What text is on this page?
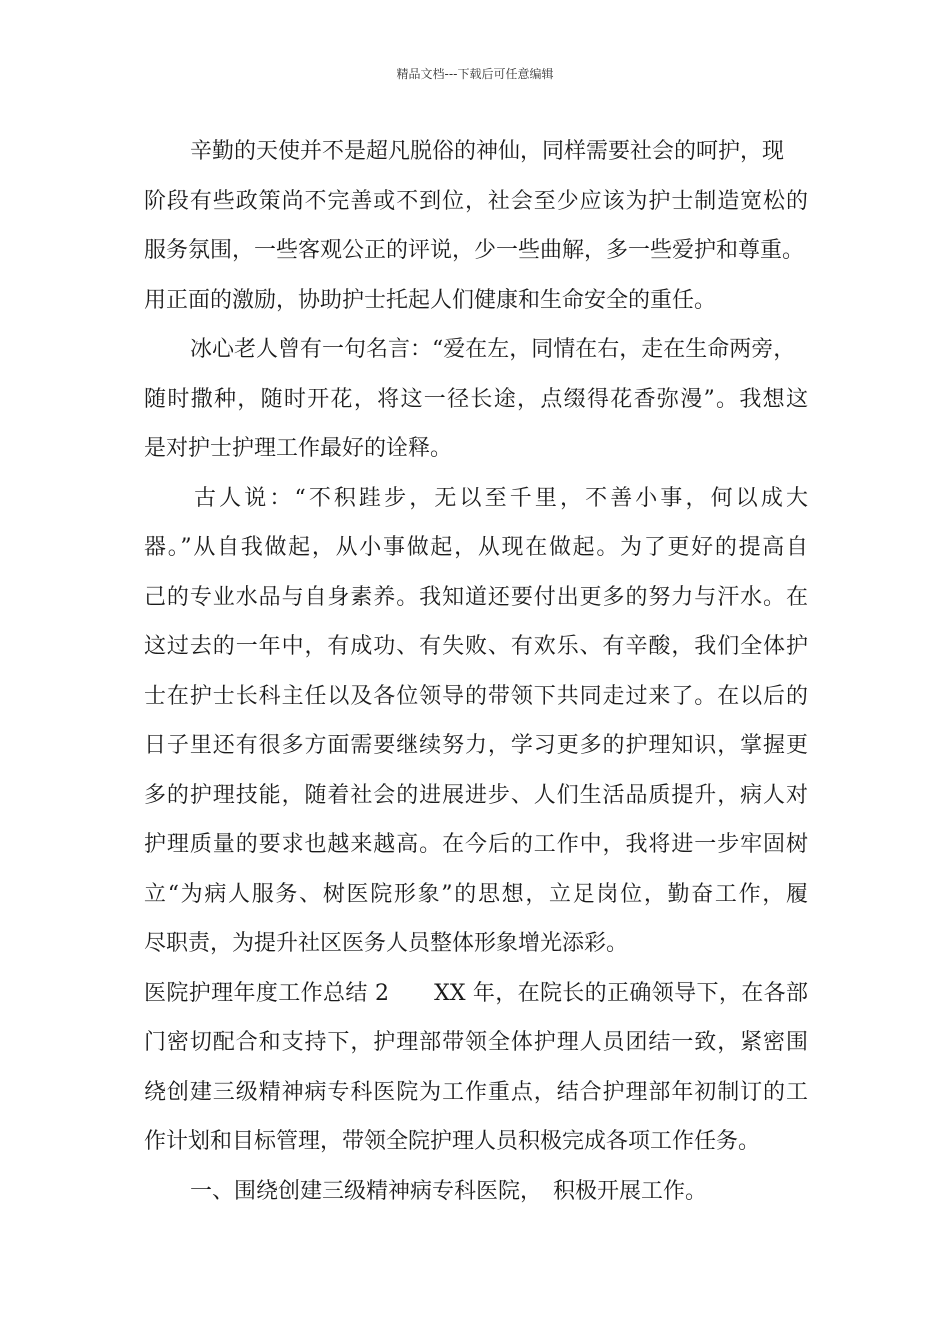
精品文档---下载后可任意编辑
辛勤的天使并不是超凡脱俗的神仙，同样需要社会的呵护，现
阶段有些政策尚不完善或不到位，社会至少应该为护士制造宽松的
服务氛围，一些客观公正的评说，少一些曲解，多一些爱护和尊重。
用正面的激励，协助护士托起人们健康和生命安全的重任。
冰心老人曾有一句名言：“爱在左，同情在右，走在生命两旁，
随时撒种，随时开花，将这一径长途，点缀得花香弥漫”。我想这
是对护士护理工作最好的诠释。
古人说：“不积跬步，无以至千里，不善小事，何以成大
器。”从自我做起，从小事做起，从现在做起。为了更好的提高自
己的专业水品与自身素养。我知道还要付出更多的努力与汗水。在
这过去的一年中，有成功、有失败、有欢乐、有辛酸，我们全体护
士在护士长科主任以及各位领导的带领下共同走过来了。在以后的
日子里还有很多方面需要继续努力，学习更多的护理知识，掌握更
多的护理技能，随着社会的进展进步、人们生活品质提升，病人对
护理质量的要求也越来越高。在今后的工作中，我将进一步牢固树
立“为病人服务、树医院形象”的思想，立足岗位，勤奋工作，履
尽职责，为提升社区医务人员整体形象增光添彩。
医院护理年度工作总结 2　　XX 年，在院长的正确领导下，在各部
门密切配合和支持下，护理部带领全体护理人员团结一致，紧密围
绕创建三级精神病专科医院为工作重点，结合护理部年初制订的工
作计划和目标管理，带领全院护理人员积极完成各项工作任务。
一、围绕创建三级精神病专科医院，　积极开展工作。
